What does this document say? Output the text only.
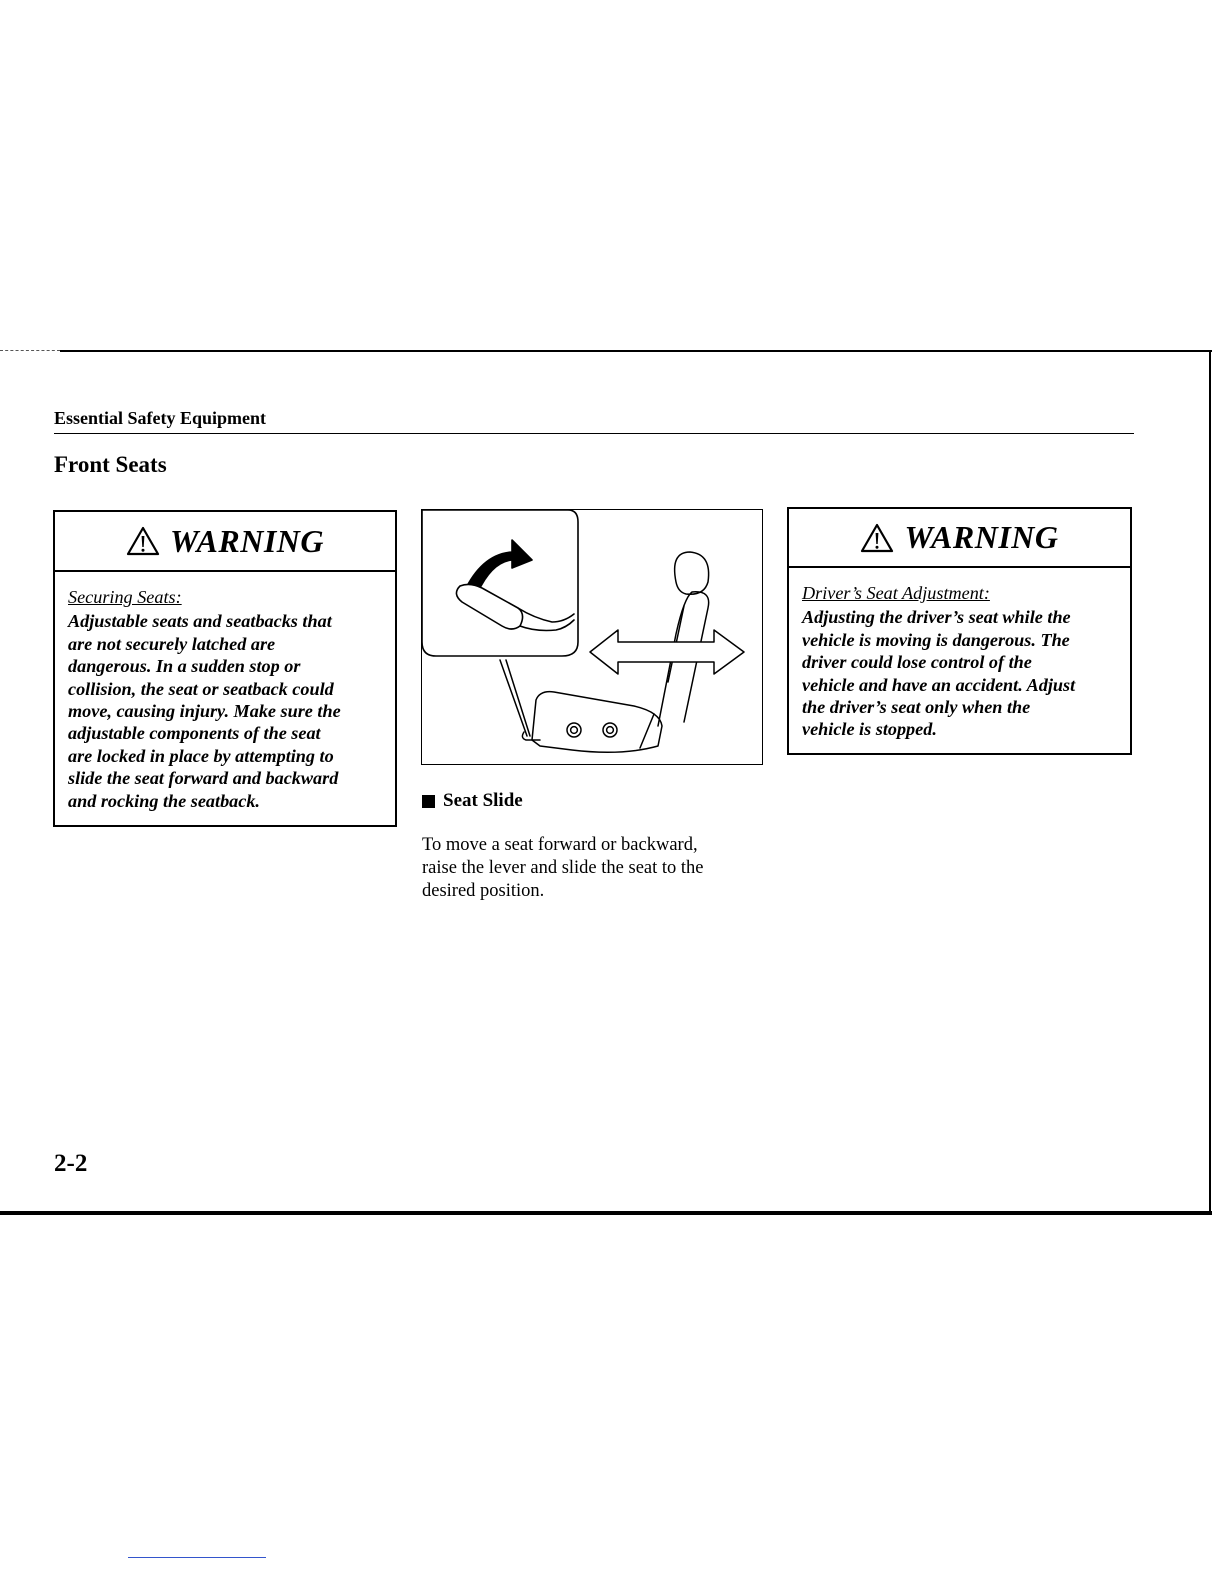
Essential Safety Equipment
Front Seats
WARNING
Securing Seats:
Adjustable seats and seatbacks that
are not securely latched are
dangerous. In a sudden stop or
collision, the seat or seatback could
move, causing injury. Make sure the
adjustable components of the seat
are locked in place by attempting to
slide the seat forward and backward
and rocking the seatback.
WARNING
Driver’s Seat Adjustment:
Adjusting the driver’s seat while the
vehicle is moving is dangerous. The
driver could lose control of the
vehicle and have an accident. Adjust
the driver’s seat only when the
vehicle is stopped.
Seat Slide
To move a seat forward or backward,
raise the lever and slide the seat to the
desired position.
2-2
